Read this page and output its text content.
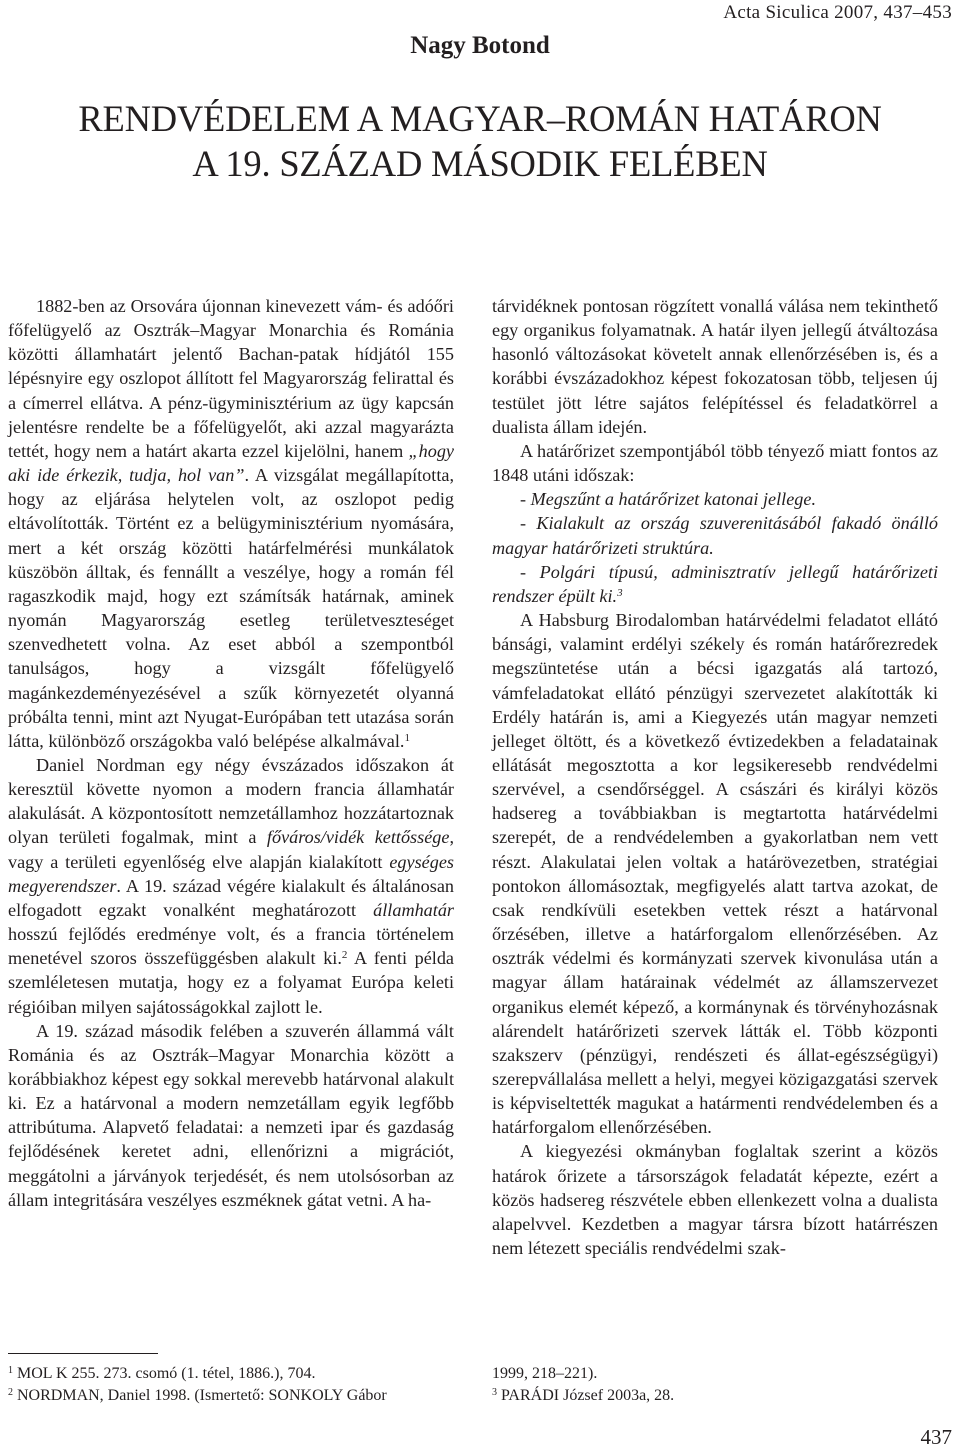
Acta Siculica 2007, 437–453
Nagy Botond
RENDVÉDELEM A MAGYAR–ROMÁN HATÁRON
A 19. SZÁZAD MÁSODIK FELÉBEN

1882-ben az Orsovára újonnan kinevezett vám- és adóőri főfelügyelő az Osztrák–Magyar Monarchia és Románia közötti államhatárt jelentő Bachan-patak hídjától 155 lépésnyire egy oszlopot állított fel Magyarország felirattal és a címerrel ellátva. A pénz-ügyminisztérium az ügy kapcsán jelentésre rendelte be a főfelügyelőt, aki azzal magyarázta tettét, hogy nem a határt akarta ezzel kijelölni, hanem „hogy aki ide érkezik, tudja, hol van”. A vizsgálat megállapította, hogy az eljárása helytelen volt, az oszlopot pedig eltávolították. Történt ez a belügyminisztérium nyomására, mert a két ország közötti határfelmérési munkálatok küszöbön álltak, és fennállt a veszélye, hogy a román fél ragaszkodik majd, hogy ezt számítsák határnak, aminek nyomán Magyarország esetleg területveszteséget szenvedhetett volna. Az eset abból a szempontból tanulságos, hogy a vizsgált főfelügyelő magánkezdeményezésével a szűk környezetét olyanná próbálta tenni, mint azt Nyugat-Európában tett utazása során látta, különböző országokba való belépése alkalmával.$^1$

Daniel Nordman egy négy évszázados időszakon át keresztül követte nyomon a modern francia államhatár alakulását. A központosított nemzetállamhoz hozzátartoznak olyan területi fogalmak, mint a főváros/vidék kettőssége, vagy a területi egyenlőség elve alapján kialakított egységes megyerendszer. A 19. század végére kialakult és általánosan elfogadott egzakt vonalként meghatározott államhatár hosszú fejlődés eredménye volt, és a francia történelem menetével szoros összefüggésben alakult ki.$^2$ A fenti példa szemléletesen mutatja, hogy ez a folyamat Európa keleti régióiban milyen sajátosságokkal zajlott le.

A 19. század második felében a szuverén állammá vált Románia és az Osztrák–Magyar Monarchia között a korábbiakhoz képest egy sokkal merevebb határvonal alakult ki. Ez a határvonal a modern nemzetállam egyik legfőbb attribútuma. Alapvető feladatai: a nemzeti ipar és gazdaság fejlődésének keretet adni, ellenőrizni a migrációt, meggátolni a járványok terjedését, és nem utolsósorban az állam integritására veszélyes eszméknek gátat vetni. A ha-

tárvidéknek pontosan rögzített vonallá válása nem tekinthető egy organikus folyamatnak. A határ ilyen jellegű átváltozása hasonló változásokat követelt annak ellenőrzésében is, és a korábbi évszázadokhoz képest fokozatosan több, teljesen új testület jött létre sajátos felépítéssel és feladatkörrel a dualista állam idején.

A határőrizet szempontjából több tényező miatt fontos az 1848 utáni időszak:

- Megszűnt a határőrizet katonai jellege.

- Kialakult az ország szuverenitásából fakadó önálló magyar határőrizeti struktúra.

- Polgári típusú, adminisztratív jellegű határőrizeti rendszer épült ki.$^3$

A Habsburg Birodalomban határvédelmi feladatot ellátó bánsági, valamint erdélyi székely és román határőrezredek megszüntetése után a bécsi igazgatás alá tartozó, vámfeladatokat ellátó pénzügyi szervezetet alakították ki Erdély határán is, ami a Kiegyezés után magyar nemzeti jelleget öltött, és a következő évtizedekben a feladatainak ellátását megosztotta a kor legsikeresebb rendvédelmi szervével, a csendőrséggel. A császári és királyi közös hadsereg a továbbiakban is megtartotta határvédelmi szerepét, de a rendvédelemben a gyakorlatban nem vett részt. Alakulatai jelen voltak a határövezetben, stratégiai pontokon állomásoztak, megfigyelés alatt tartva azokat, de csak rendkívüli esetekben vettek részt a határvonal őrzésében, illetve a határforgalom ellenőrzésében. Az osztrák védelmi és kormányzati szervek kivonulása után a magyar állam határainak védelmét az államszervezet organikus elemét képező, a kormánynak és törvényhozásnak alárendelt határőrizeti szervek látták el. Több központi szakszerv (pénzügyi, rendészeti és állat-egészségügyi) szerepvállalása mellett a helyi, megyei közigazgatási szervek is képviseltették magukat a határmenti rendvédelemben és a határforgalom ellenőrzésében.

A kiegyezési okmányban foglaltak szerint a közös határok őrizete a társországok feladatát képezte, ezért a közös hadsereg részvétele ebben ellenkezett volna a dualista alapelvvel. Kezdetben a magyar társra bízott határrészen nem létezett speciális rendvédelmi szak-

$^1$ MOL K 255. 273. csomó (1. tétel, 1886.), 704.
$^2$ NORDMAN, Daniel 1998. (Ismertető: SONKOLY Gábor
1999, 218–221).
$^3$ PARÁDI József 2003a, 28.
437
